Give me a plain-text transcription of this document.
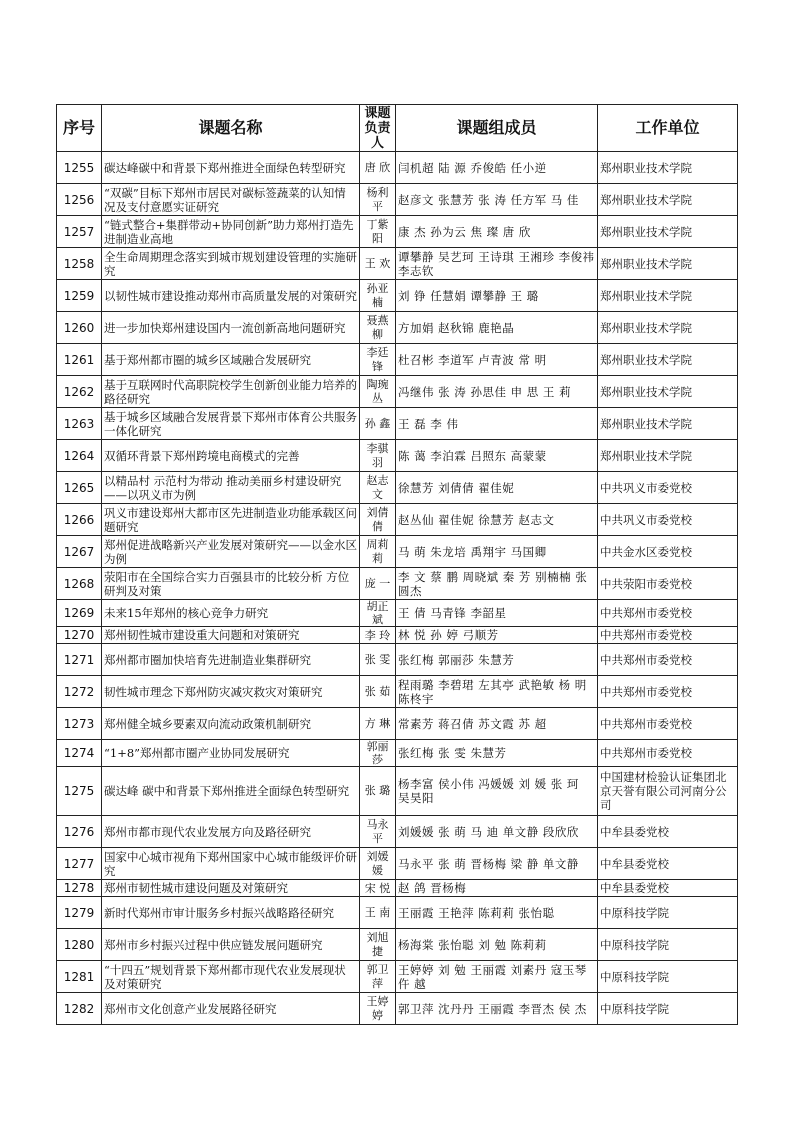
序号	课题名称	课题负责人	课题组成员	工作单位
1255	碳达峰碳中和背景下郑州推进全面绿色转型研究	唐 欣	闫机超 陆 源 乔俊皓 任小逆	郑州职业技术学院
1256	“双碳”目标下郑州市居民对碳标签蔬菜的认知情况及支付意愿实证研究	杨利平	赵彦文 张慧芳 张 涛 任方军 马 佳	郑州职业技术学院
1257	“链式整合+集群带动+协同创新”助力郑州打造先进制造业高地	丁紫阳	康 杰 孙为云 焦 璨 唐 欣	郑州职业技术学院
1258	全生命周期理念落实到城市规划建设管理的实施研究	王 欢	谭攀静 吴艺珂 王诗琪 王湘珍 李俊祎 李志钦	郑州职业技术学院
1259	以韧性城市建设推动郑州市高质量发展的对策研究	孙亚楠	刘 铮 任慧娟 谭攀静 王 璐	郑州职业技术学院
1260	进一步加快郑州建设国内一流创新高地问题研究	聂燕柳	方加娟 赵秋锦 鹿艳晶	郑州职业技术学院
1261	基于郑州都市圈的城乡区域融合发展研究	李廷锋	杜召彬 李道军 卢青波 常 明	郑州职业技术学院
1262	基于互联网时代高职院校学生创新创业能力培养的路径研究	陶琬丛	冯继伟 张 涛 孙思佳 申 思 王 莉	郑州职业技术学院
1263	基于城乡区域融合发展背景下郑州市体育公共服务一体化研究	孙 鑫	王 磊 李 伟	郑州职业技术学院
1264	双循环背景下郑州跨境电商模式的完善	李骐羽	陈 蔼 李泊霖 吕照东 高蒙蒙	郑州职业技术学院
1265	以精品村 示范村为带动 推动美丽乡村建设研究——以巩义市为例	赵志文	徐慧芳 刘倩倩 翟佳妮	中共巩义市委党校
1266	巩义市建设郑州大都市区先进制造业功能承载区问题研究	刘倩倩	赵丛仙 翟佳妮 徐慧芳 赵志文	中共巩义市委党校
1267	郑州促进战略新兴产业发展对策研究——以金水区为例	周莉莉	马 萌 朱龙培 禹翔宇 马国卿	中共金水区委党校
1268	荥阳市在全国综合实力百强县市的比较分析 方位研判及对策	庞 一	李 文 蔡 鹏 周晓斌 秦 芳 别楠楠 张圆杰	中共荥阳市委党校
1269	未来15年郑州的核心竞争力研究	胡正斌	王 倩 马青锋 李韶星	中共郑州市委党校
1270	郑州韧性城市建设重大问题和对策研究	李 玲	林 悦 孙 婷 弓顺芳	中共郑州市委党校
1271	郑州都市圈加快培育先进制造业集群研究	张 雯	张红梅 郭丽莎 朱慧芳	中共郑州市委党校
1272	韧性城市理念下郑州防灾减灾救灾对策研究	张 茹	程雨璐 李碧珺 左其亭 武艳敏 杨 明 陈柊宇	中共郑州市委党校
1273	郑州健全城乡要素双向流动政策机制研究	方 琳	常素芳 蒋召倩 苏文霞 苏 超	中共郑州市委党校
1274	“1+8”郑州都市圈产业协同发展研究	郭丽莎	张红梅 张 雯 朱慧芳	中共郑州市委党校
1275	碳达峰 碳中和背景下郑州推进全面绿色转型研究	张 璐	杨李富 侯小伟 冯媛媛 刘 媛 张 珂 吴昊阳	中国建材检验认证集团北京天誉有限公司河南分公司
1276	郑州市都市现代农业发展方向及路径研究	马永平	刘媛媛 张 萌 马 迪 单文静 段欣欣	中牟县委党校
1277	国家中心城市视角下郑州国家中心城市能级评价研究	刘媛媛	马永平 张 萌 晋杨梅 梁 静 单文静	中牟县委党校
1278	郑州市韧性城市建设问题及对策研究	宋 悦	赵 鸽 晋杨梅	中牟县委党校
1279	新时代郑州市审计服务乡村振兴战略路径研究	王 南	王丽霞 王艳萍 陈莉莉 张怡聪	中原科技学院
1280	郑州市乡村振兴过程中供应链发展问题研究	刘旭捷	杨海棠 张怡聪 刘 勉 陈莉莉	中原科技学院
1281	“十四五”规划背景下郑州都市现代农业发展现状及对策研究	郭卫萍	王婷婷 刘 勉 王丽霞 刘素丹 寇玉琴 仵 越	中原科技学院
1282	郑州市文化创意产业发展路径研究	王婷婷	郭卫萍 沈丹丹 王丽霞 李晋杰 侯 杰	中原科技学院
